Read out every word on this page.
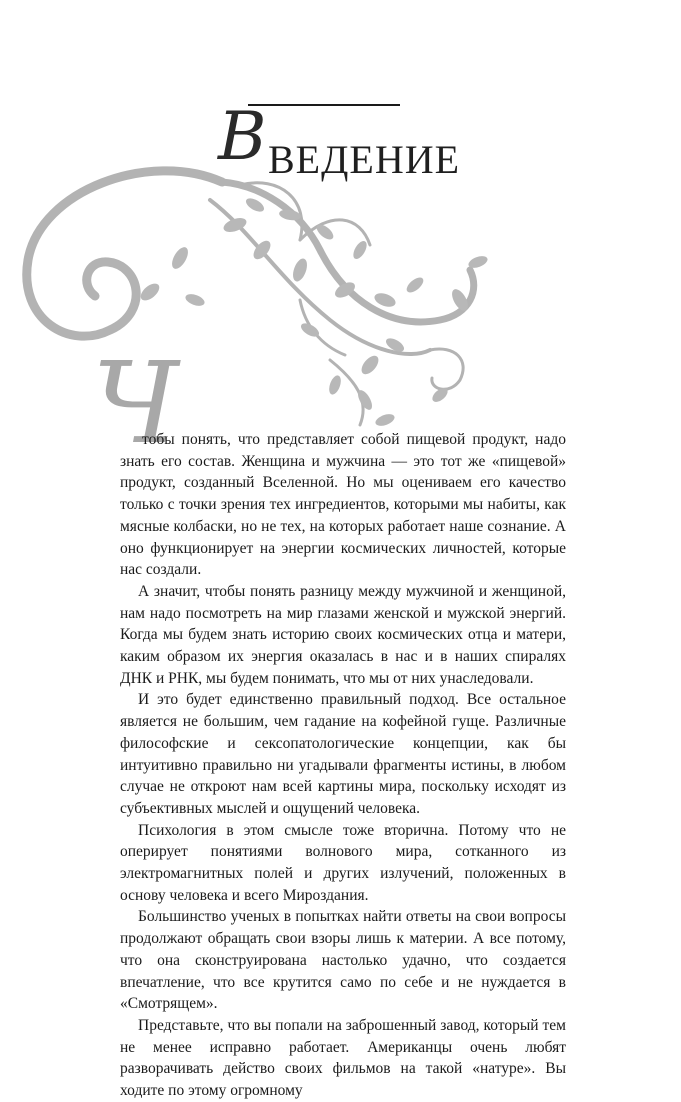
В ВЕДЕНИЕ
Ч

тобы понять, что представляет собой пищевой продукт, надо знать его состав. Женщина и мужчина — это тот же «пищевой» продукт, созданный Вселенной. Но мы оцениваем его качество только с точки зрения тех ингредиентов, которыми мы набиты, как мясные колбаски, но не тех, на которых работает наше сознание. А оно функционирует на энергии космических личностей, которые нас создали.

А значит, чтобы понять разницу между мужчиной и женщиной, нам надо посмотреть на мир глазами женской и мужской энергий. Когда мы будем знать историю своих космических отца и матери, каким образом их энергия оказалась в нас и в наших спиралях ДНК и РНК, мы будем понимать, что мы от них унаследовали.

И это будет единственно правильный подход. Все остальное является не большим, чем гадание на кофейной гуще. Различные философские и сексопатологические концепции, как бы интуитивно правильно ни угадывали фрагменты истины, в любом случае не откроют нам всей картины мира, поскольку исходят из субъективных мыслей и ощущений человека.

Психология в этом смысле тоже вторична. Потому что не оперирует понятиями волнового мира, сотканного из электромагнитных полей и других излучений, положенных в основу человека и всего Мироздания.

Большинство ученых в попытках найти ответы на свои вопросы продолжают обращать свои взоры лишь к материи. А все потому, что она сконструирована настолько удачно, что создается впечатление, что все крутится само по себе и не нуждается в «Смотрящем».

Представьте, что вы попали на заброшенный завод, который тем не менее исправно работает. Американцы очень любят разворачивать действо своих фильмов на такой «натуре». Вы ходите по этому огромному
